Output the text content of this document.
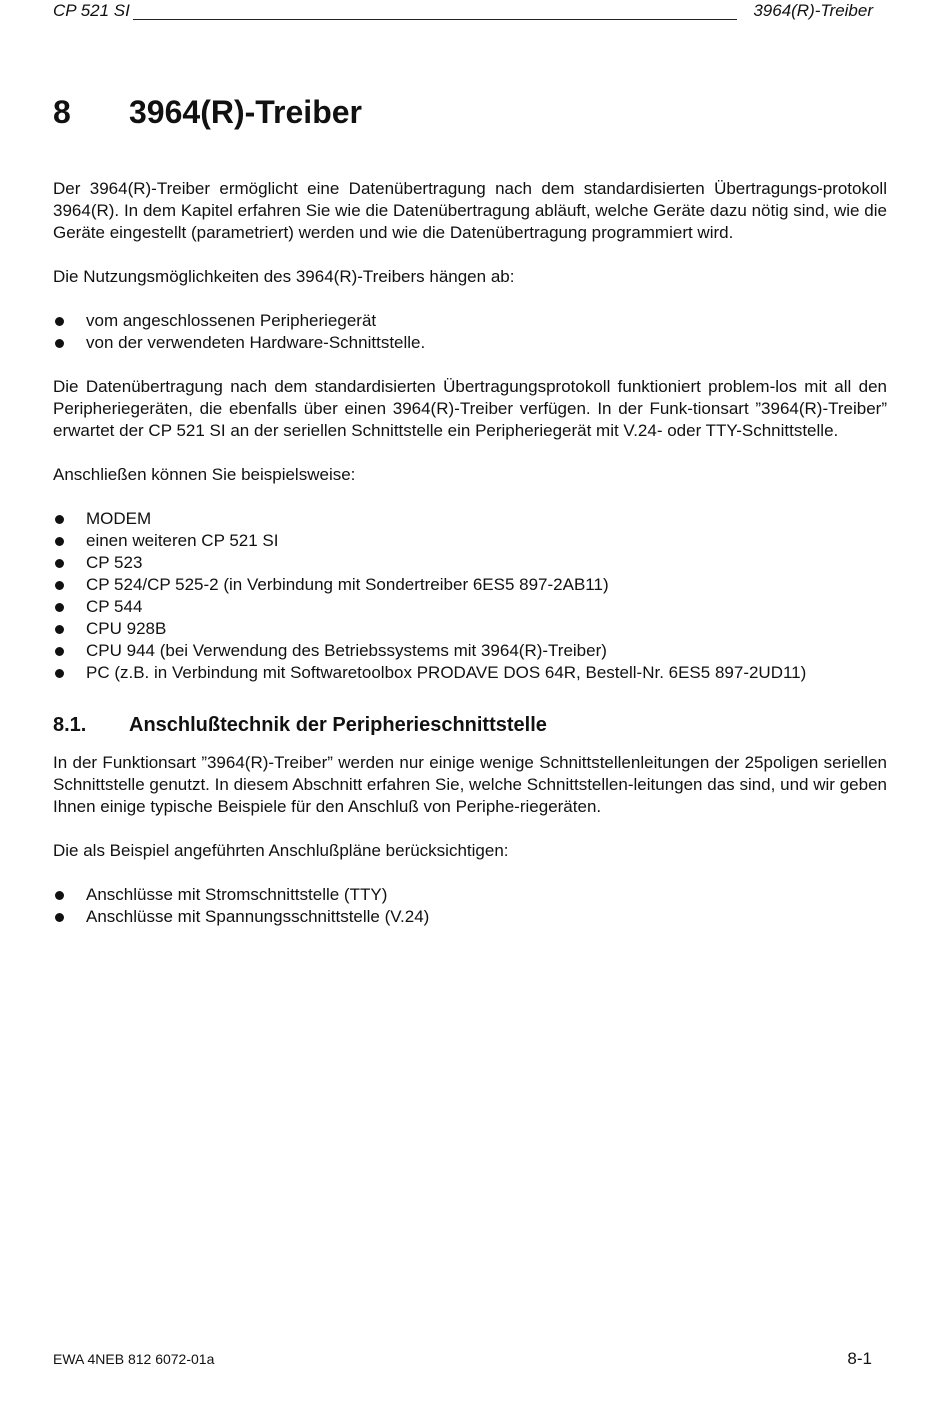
CP 521 SI	3964(R)-Treiber
8 3964(R)-Treiber

Der 3964(R)-Treiber ermöglicht eine Datenübertragung nach dem standardisierten Übertragungs-protokoll 3964(R). In dem Kapitel erfahren Sie wie die Datenübertragung abläuft, welche Geräte dazu nötig sind, wie die Geräte eingestellt (parametriert) werden und wie die Datenübertragung programmiert wird.

Die Nutzungsmöglichkeiten des 3964(R)-Treibers hängen ab:

vom angeschlossenen Peripheriegerät
von der verwendeten Hardware-Schnittstelle.

Die Datenübertragung nach dem standardisierten Übertragungsprotokoll funktioniert problem-los mit all den Peripheriegeräten, die ebenfalls über einen 3964(R)-Treiber verfügen. In der Funk-tionsart ”3964(R)-Treiber” erwartet der CP 521 SI an der seriellen Schnittstelle ein Peripheriegerät mit V.24- oder TTY-Schnittstelle.

Anschließen können Sie beispielsweise:

MODEM
einen weiteren CP 521 SI
CP 523
CP 524/CP 525-2 (in Verbindung mit Sondertreiber 6ES5 897-2AB11)
CP 544
CPU 928B
CPU 944 (bei Verwendung des Betriebssystems mit 3964(R)-Treiber)
PC (z.B. in Verbindung mit Softwaretoolbox PRODAVE DOS 64R, Bestell-Nr. 6ES5 897-2UD11)
8.1. Anschlußtechnik der Peripherieschnittstelle

In der Funktionsart ”3964(R)-Treiber” werden nur einige wenige Schnittstellenleitungen der 25poligen seriellen Schnittstelle genutzt. In diesem Abschnitt erfahren Sie, welche Schnittstellen-leitungen das sind, und wir geben Ihnen einige typische Beispiele für den Anschluß von Periphe-riegeräten.

Die als Beispiel angeführten Anschlußpläne berücksichtigen:

Anschlüsse mit Stromschnittstelle (TTY)
Anschlüsse mit Spannungsschnittstelle (V.24)
EWA 4NEB 812 6072-01a	8-1
